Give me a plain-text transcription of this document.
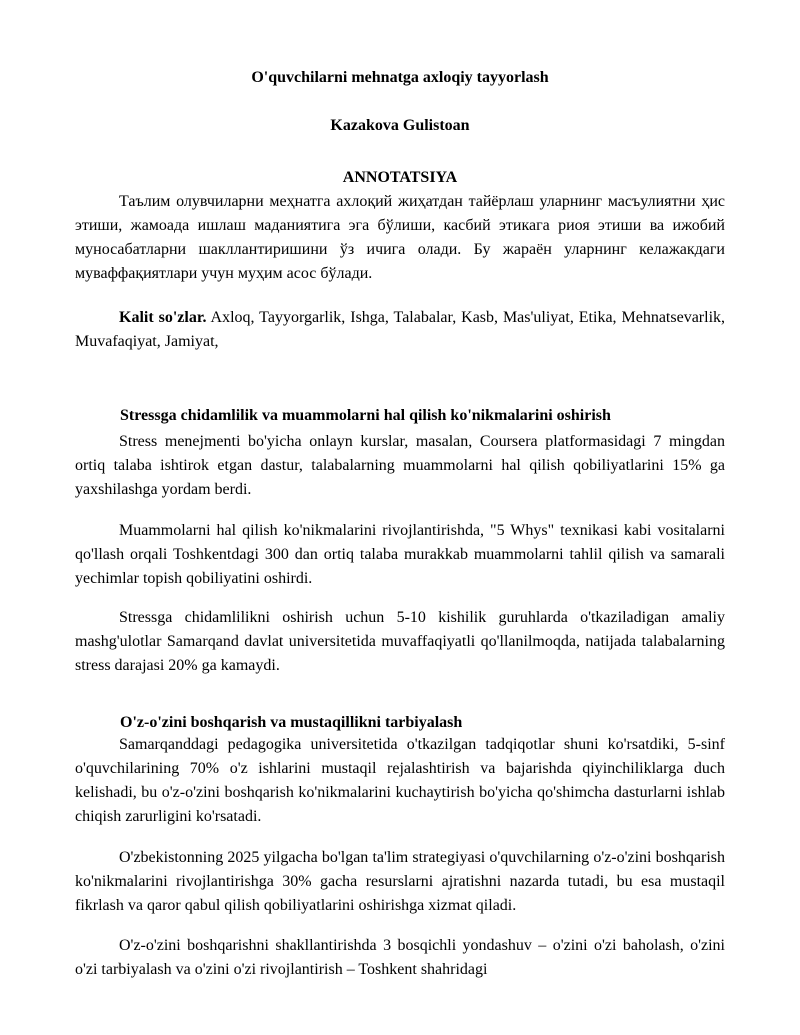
O'quvchilarni mehnatga axloqiy tayyorlash
Kazakova Gulistoan
ANNOTATSIYA

Таълим олувчиларни меҳнатга ахлоқий жиҳатдан тайёрлаш уларнинг масъулиятни ҳис этиши, жамоада ишлаш маданиятига эга бўлиши, касбий этикага риоя этиши ва ижобий муносабатларни шакллантиришини ўз ичига олади. Бу жараён уларнинг келажакдаги муваффақиятлари учун муҳим асос бўлади.

Kalit so'zlar. Axloq, Tayyorgarlik, Ishga, Talabalar, Kasb, Mas'uliyat, Etika, Mehnatsevarlik, Muvafaqiyat, Jamiyat,

Stressga chidamlilik va muammolarni hal qilish ko'nikmalarini oshirish

Stress menejmenti bo'yicha onlayn kurslar, masalan, Coursera platformasidagi 7 mingdan ortiq talaba ishtirok etgan dastur, talabalarning muammolarni hal qilish qobiliyatlarini 15% ga yaxshilashga yordam berdi.

Muammolarni hal qilish ko'nikmalarini rivojlantirishda, "5 Whys" texnikasi kabi vositalarni qo'llash orqali Toshkentdagi 300 dan ortiq talaba murakkab muammolarni tahlil qilish va samarali yechimlar topish qobiliyatini oshirdi.

Stressga chidamlilikni oshirish uchun 5-10 kishilik guruhlarda o'tkaziladigan amaliy mashg'ulotlar Samarqand davlat universitetida muvaffaqiyatli qo'llanilmoqda, natijada talabalarning stress darajasi 20% ga kamaydi.

O'z-o'zini boshqarish va mustaqillikni tarbiyalash

Samarqanddagi pedagogika universitetida o'tkazilgan tadqiqotlar shuni ko'rsatdiki, 5-sinf o'quvchilarining 70% o'z ishlarini mustaqil rejalashtirish va bajarishda qiyinchiliklarga duch kelishadi, bu o'z-o'zini boshqarish ko'nikmalarini kuchaytirish bo'yicha qo'shimcha dasturlarni ishlab chiqish zarurligini ko'rsatadi.

O'zbekistonning 2025 yilgacha bo'lgan ta'lim strategiyasi o'quvchilarning o'z-o'zini boshqarish ko'nikmalarini rivojlantirishga 30% gacha resurslarni ajratishni nazarda tutadi, bu esa mustaqil fikrlash va qaror qabul qilish qobiliyatlarini oshirishga xizmat qiladi.

O'z-o'zini boshqarishni shakllantirishda 3 bosqichli yondashuv – o'zini o'zi baholash, o'zini o'zi tarbiyalash va o'zini o'zi rivojlantirish – Toshkent shahridagi
